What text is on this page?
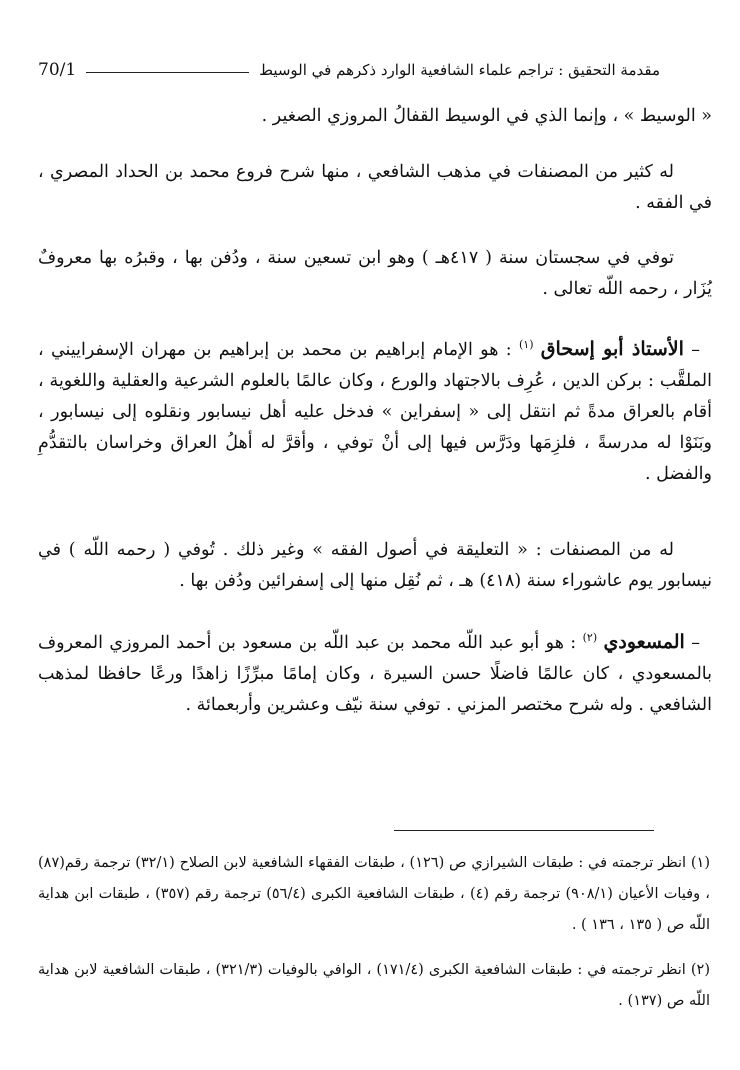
70/1	مقدمة التحقيق : تراجم علماء الشافعية الوارد ذكرهم في الوسيط

« الوسيط » ، وإنما الذي في الوسيط القفالُ المروزي الصغير .

له كثير من المصنفات في مذهب الشافعي ، منها شرح فروع محمد بن الحداد المصري ، في الفقه .

توفي في سجستان سنة ( ٤١٧هـ ) وهو ابن تسعين سنة ، ودُفن بها ، وقبرُه بها معروفٌ يُزَار ، رحمه اللّه تعالى .

– الأستاذ أبو إسحاق $^{(١)}$ : هو الإمام إبراهيم بن محمد بن إبراهيم بن مهران الإسفراييني ، الملقَّب : بركن الدين ، عُرِف بالاجتهاد والورع ، وكان عالمًا بالعلوم الشرعية والعقلية واللغوية ، أقام بالعراق مدةً ثم انتقل إلى « إسفراين » فدخل عليه أهل نيسابور ونقلوه إلى نيسابور ، وبَنَوْا له مدرسةً ، فلزِمَها ودَرَّس فيها إلى أنْ توفي ، وأقرَّ له أهلُ العراق وخراسان بالتقدُّمِ والفضل .

له من المصنفات : « التعليقة في أصول الفقه » وغير ذلك . تُوفي ( رحمه اللّه ) في نيسابور يوم عاشوراء سنة (٤١٨) هـ ، ثم نُقِل منها إلى إسفرائين ودُفن بها .

– المسعودي $^{(٢)}$ : هو أبو عبد اللّه محمد بن عبد اللّه بن مسعود بن أحمد المروزي المعروف بالمسعودي ، كان عالمًا فاضلًا حسن السيرة ، وكان إمامًا مبرِّزًا زاهدًا ورعًا حافظا لمذهب الشافعي . وله شرح مختصر المزني . توفي سنة نيّف وعشرين وأربعمائة .

(١) انظر ترجمته في : طبقات الشيرازي ص (١٢٦) ، طبقات الفقهاء الشافعية لابن الصلاح (٣٢/١) ترجمة رقم(٨٧) ، وفيات الأعيان (٩٠٨/١) ترجمة رقم (٤) ، طبقات الشافعية الكبرى (٥٦/٤) ترجمة رقم (٣٥٧) ، طبقات ابن هداية اللّه ص ( ١٣٥ ، ١٣٦ ) .

(٢) انظر ترجمته في : طبقات الشافعية الكبرى (١٧١/٤) ، الوافي بالوفيات (٣٢١/٣) ، طبقات الشافعية لابن هداية اللّه ص (١٣٧) .
